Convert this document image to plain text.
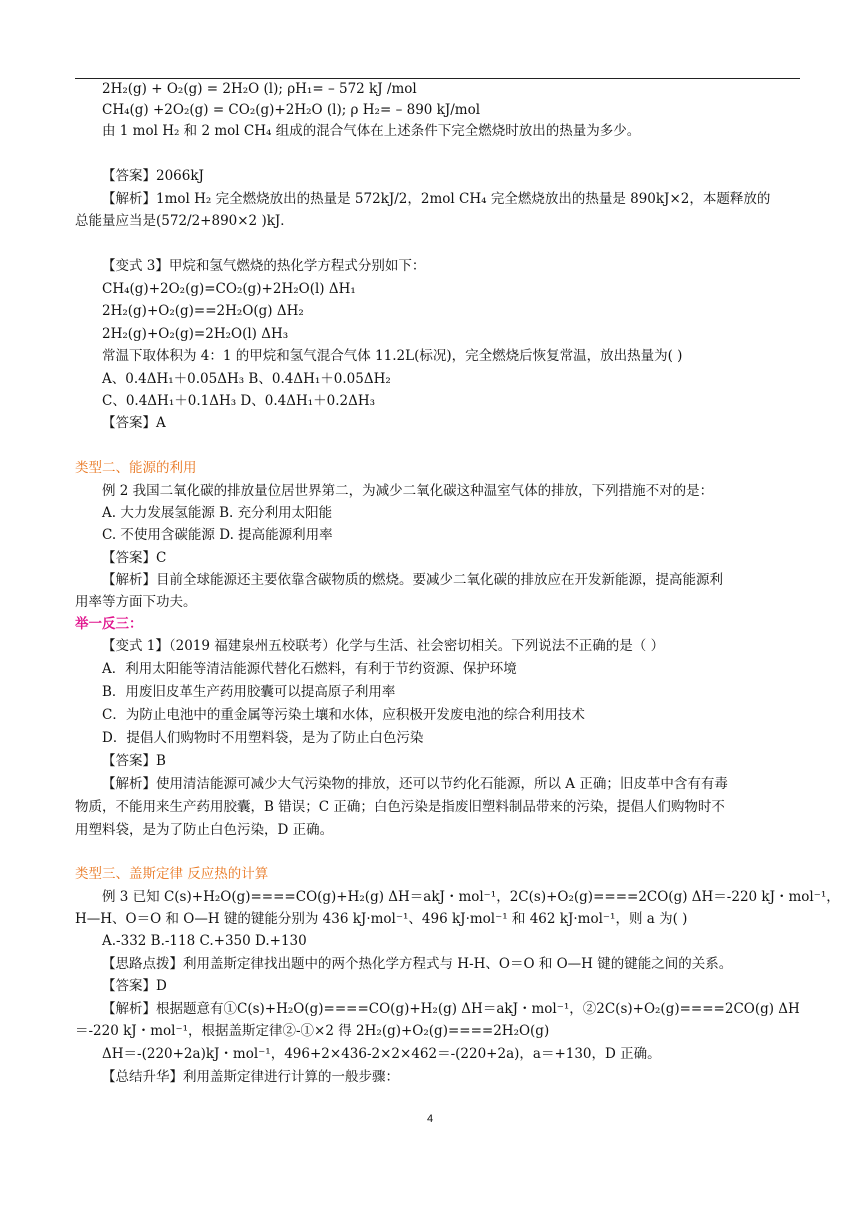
2H₂(g) + O₂(g) = 2H₂O (l); ρH₁= – 572 kJ /mol
CH₄(g) +2O₂(g) = CO₂(g)+2H₂O (l); ρ H₂= – 890 kJ/mol
由 1 mol H₂ 和 2 mol CH₄ 组成的混合气体在上述条件下完全燃烧时放出的热量为多少。
【答案】2066kJ
【解析】1mol H₂ 完全燃烧放出的热量是 572kJ/2，2mol CH₄ 完全燃烧放出的热量是 890kJ×2，本题释放的
总能量应当是(572/2+890×2 )kJ．
【变式 3】甲烷和氢气燃烧的热化学方程式分别如下：
CH₄(g)+2O₂(g)=CO₂(g)+2H₂O(l) ΔH₁
2H₂(g)+O₂(g)==2H₂O(g) ΔH₂
2H₂(g)+O₂(g)=2H₂O(l) ΔH₃
常温下取体积为 4：1 的甲烷和氢气混合气体 11.2L(标况)，完全燃烧后恢复常温，放出热量为( )
A、0.4ΔH₁＋0.05ΔH₃ B、0.4ΔH₁＋0.05ΔH₂
C、0.4ΔH₁＋0.1ΔH₃ D、0.4ΔH₁＋0.2ΔH₃
【答案】A
类型二、能源的利用
例 2 我国二氧化碳的排放量位居世界第二，为减少二氧化碳这种温室气体的排放，下列措施不对的是：
A. 大力发展氢能源 B. 充分利用太阳能
C. 不使用含碳能源 D. 提高能源利用率
【答案】C
【解析】目前全球能源还主要依靠含碳物质的燃烧。要减少二氧化碳的排放应在开发新能源，提高能源利
用率等方面下功夫。
举一反三：
【变式 1】（2019 福建泉州五校联考）化学与生活、社会密切相关。下列说法不正确的是（ ）
A．利用太阳能等清洁能源代替化石燃料，有利于节约资源、保护环境
B．用废旧皮革生产药用胶囊可以提高原子利用率
C．为防止电池中的重金属等污染土壤和水体，应积极开发废电池的综合利用技术
D．提倡人们购物时不用塑料袋，是为了防止白色污染
【答案】B
【解析】使用清洁能源可减少大气污染物的排放，还可以节约化石能源，所以 A 正确；旧皮革中含有有毒
物质，不能用来生产药用胶囊，B 错误；C 正确；白色污染是指废旧塑料制品带来的污染，提倡人们购物时不
用塑料袋，是为了防止白色污染，D 正确。
类型三、盖斯定律 反应热的计算
例 3 已知 C(s)+H₂O(g)====CO(g)+H₂(g) ΔH＝akJ・mol⁻¹，2C(s)+O₂(g)====2CO(g) ΔH＝-220 kJ・mol⁻¹，
H—H、O＝O 和 O—H 键的键能分别为 436 kJ·mol⁻¹、496 kJ·mol⁻¹ 和 462 kJ·mol⁻¹，则 a 为( )
A.-332 B.-118 C.+350 D.+130
【思路点拨】利用盖斯定律找出题中的两个热化学方程式与 H-H、O＝O 和 O—H 键的键能之间的关系。
【答案】D
【解析】根据题意有①C(s)+H₂O(g)====CO(g)+H₂(g) ΔH＝akJ・mol⁻¹，②2C(s)+O₂(g)====2CO(g) ΔH
＝-220 kJ・mol⁻¹，根据盖斯定律②-①×2 得 2H₂(g)+O₂(g)====2H₂O(g)
ΔH＝-(220+2a)kJ・mol⁻¹，496+2×436-2×2×462＝-(220+2a)，a＝+130，D 正确。
【总结升华】利用盖斯定律进行计算的一般步骤：
4
